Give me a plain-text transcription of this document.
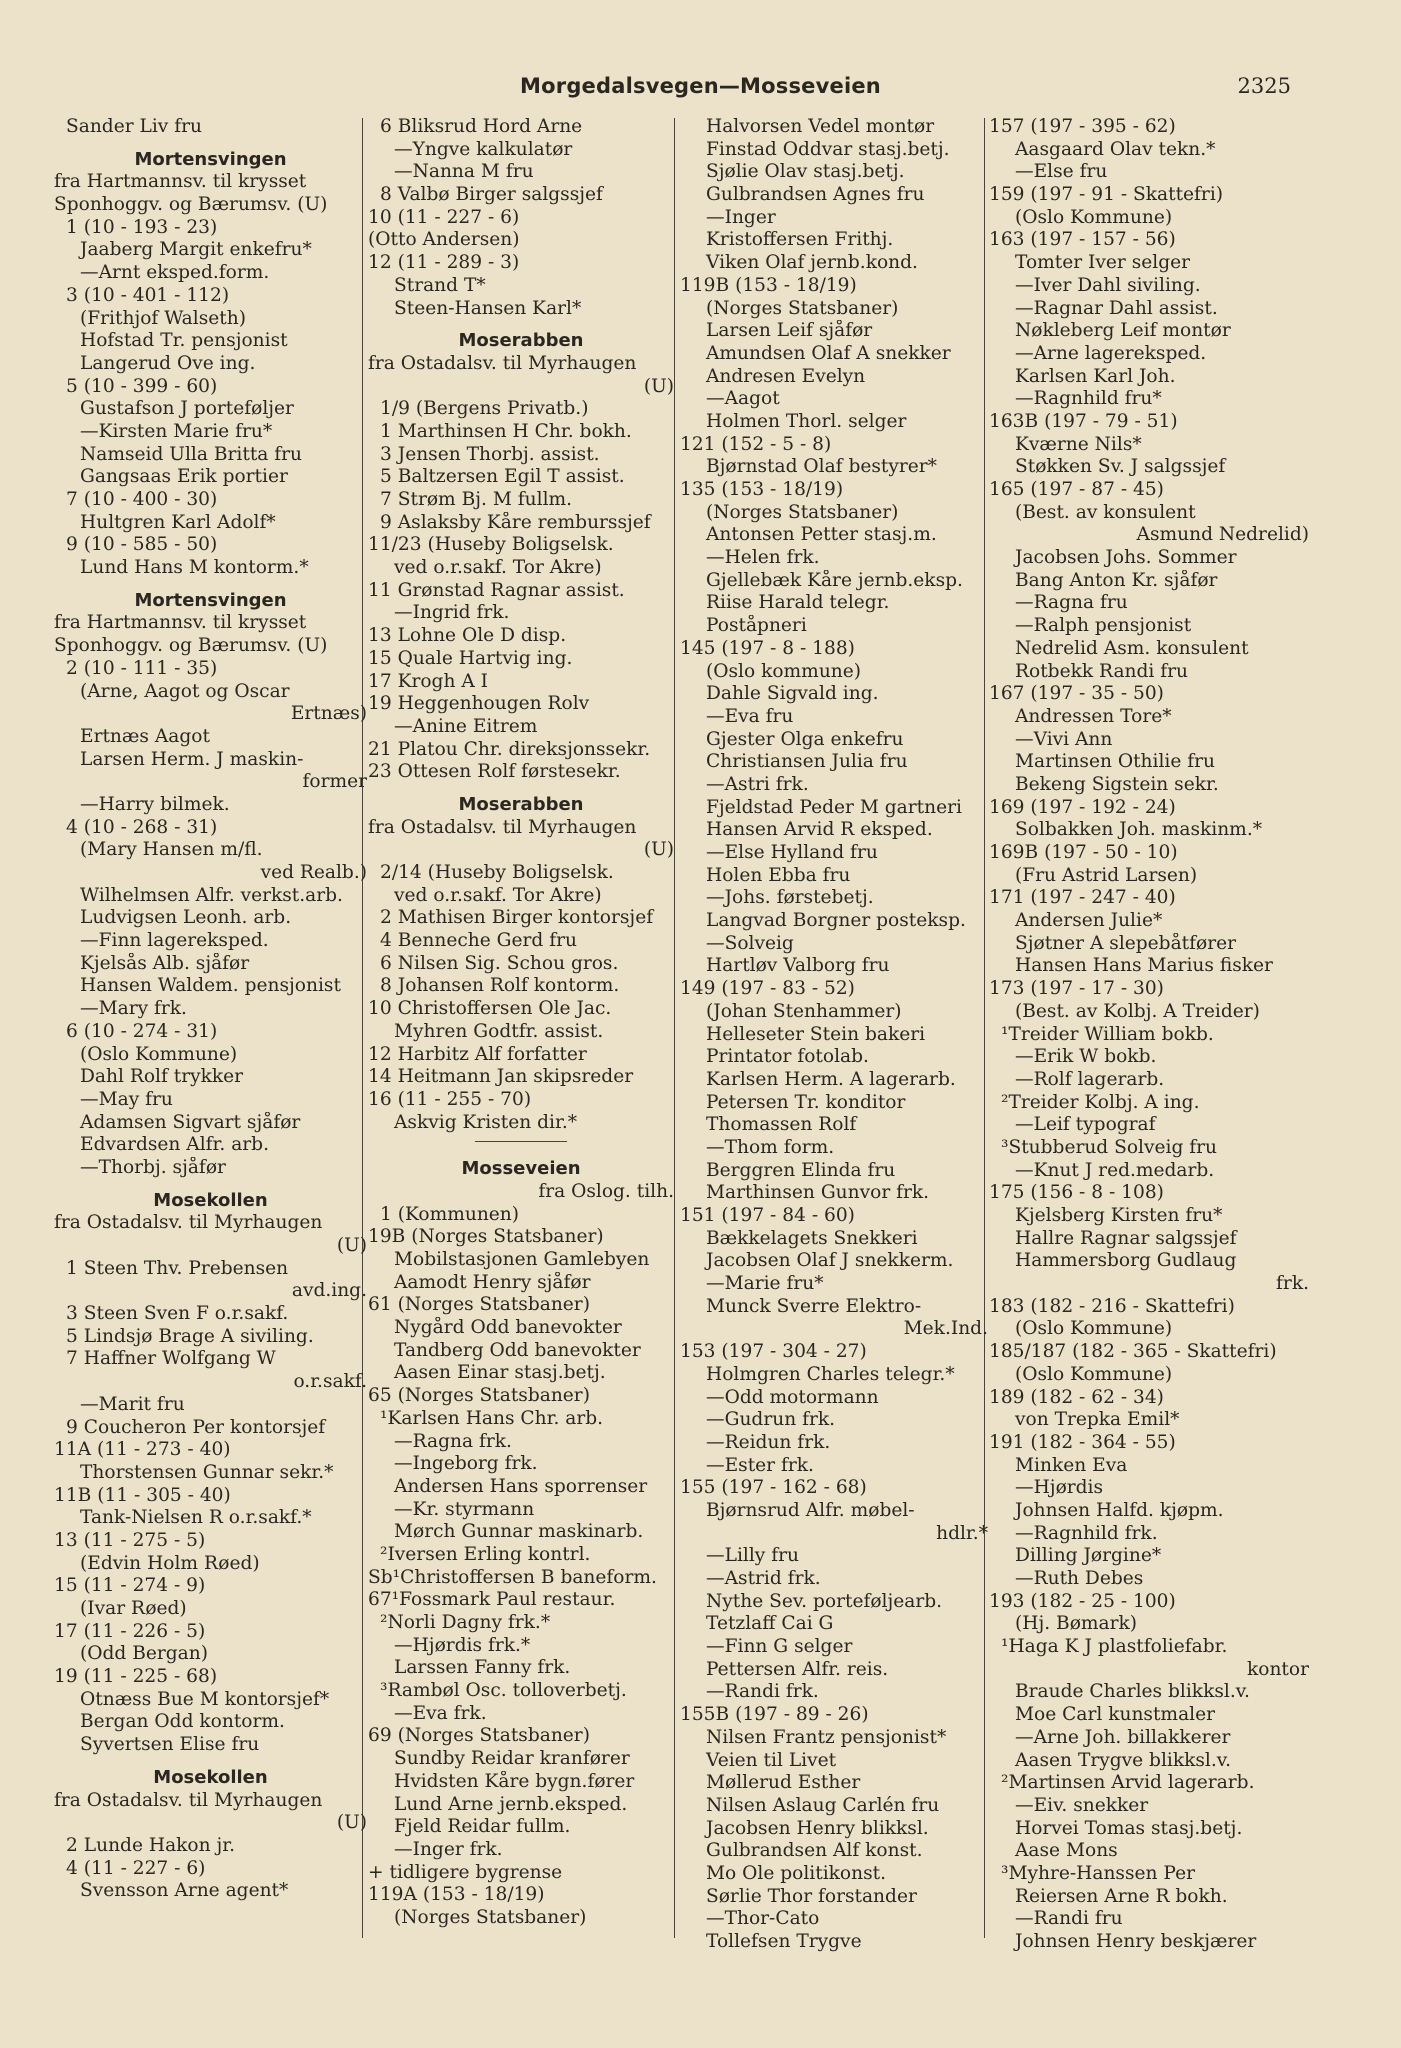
Morgedalsvegen—Mosseveien	2325
Sander Liv fru
Mortensvingen
fra Hartmannsv. til krysset
Sponhoggv. og Bærumsv. (U)
1 (10 - 193 - 23)
Jaaberg Margit enkefru*
—Arnt eksped.form.
3 (10 - 401 - 112)
(Frithjof Walseth)
Hofstad Tr. pensjonist
Langerud Ove ing.
5 (10 - 399 - 60)
Gustafson J porteføljer
—Kirsten Marie fru*
Namseid Ulla Britta fru
Gangsaas Erik portier
7 (10 - 400 - 30)
Hultgren Karl Adolf*
9 (10 - 585 - 50)
Lund Hans M kontorm.*
Mortensvingen
fra Hartmannsv. til krysset
Sponhoggv. og Bærumsv. (U)
2 (10 - 111 - 35)
(Arne, Aagot og Oscar
Ertnæs)
Ertnæs Aagot
Larsen Herm. J maskin-
former
—Harry bilmek.
4 (10 - 268 - 31)
(Mary Hansen m/fl.
ved Realb.)
Wilhelmsen Alfr. verkst.arb.
Ludvigsen Leonh. arb.
—Finn lagereksped.
Kjelsås Alb. sjåfør
Hansen Waldem. pensjonist
—Mary frk.
6 (10 - 274 - 31)
(Oslo Kommune)
Dahl Rolf trykker
—May fru
Adamsen Sigvart sjåfør
Edvardsen Alfr. arb.
—Thorbj. sjåfør
Mosekollen
fra Ostadalsv. til Myrhaugen
(U)
1 Steen Thv. Prebensen
avd.ing.
3 Steen Sven F o.r.sakf.
5 Lindsjø Brage A siviling.
7 Haffner Wolfgang W
o.r.sakf.
—Marit fru
9 Coucheron Per kontorsjef
11A (11 - 273 - 40)
Thorstensen Gunnar sekr.*
11B (11 - 305 - 40)
Tank-Nielsen R o.r.sakf.*
13 (11 - 275 - 5)
(Edvin Holm Røed)
15 (11 - 274 - 9)
(Ivar Røed)
17 (11 - 226 - 5)
(Odd Bergan)
19 (11 - 225 - 68)
Otnæss Bue M kontorsjef*
Bergan Odd kontorm.
Syvertsen Elise fru
Mosekollen
fra Ostadalsv. til Myrhaugen
(U)
2 Lunde Hakon jr.
4 (11 - 227 - 6)
Svensson Arne agent*
6 Bliksrud Hord Arne
—Yngve kalkulatør
—Nanna M fru
8 Valbø Birger salgssjef
10 (11 - 227 - 6)
(Otto Andersen)
12 (11 - 289 - 3)
Strand T*
Steen-Hansen Karl*
Moserabben
fra Ostadalsv. til Myrhaugen
(U)
1/9 (Bergens Privatb.)
1 Marthinsen H Chr. bokh.
3 Jensen Thorbj. assist.
5 Baltzersen Egil T assist.
7 Strøm Bj. M fullm.
9 Aslaksby Kåre remburssjef
11/23 (Huseby Boligselsk.
ved o.r.sakf. Tor Akre)
11 Grønstad Ragnar assist.
—Ingrid frk.
13 Lohne Ole D disp.
15 Quale Hartvig ing.
17 Krogh A I
19 Heggenhougen Rolv
—Anine Eitrem
21 Platou Chr. direksjonssekr.
23 Ottesen Rolf førstesekr.
Moserabben
fra Ostadalsv. til Myrhaugen
(U)
2/14 (Huseby Boligselsk.
ved o.r.sakf. Tor Akre)
2 Mathisen Birger kontorsjef
4 Benneche Gerd fru
6 Nilsen Sig. Schou gros.
8 Johansen Rolf kontorm.
10 Christoffersen Ole Jac.
Myhren Godtfr. assist.
12 Harbitz Alf forfatter
14 Heitmann Jan skipsreder
16 (11 - 255 - 70)
Askvig Kristen dir.*
Mosseveien
fra Oslog. tilh.
1 (Kommunen)
19B (Norges Statsbaner)
Mobilstasjonen Gamlebyen
Aamodt Henry sjåfør
61 (Norges Statsbaner)
Nygård Odd banevokter
Tandberg Odd banevokter
Aasen Einar stasj.betj.
65 (Norges Statsbaner)
¹Karlsen Hans Chr. arb.
—Ragna frk.
—Ingeborg frk.
Andersen Hans sporrenser
—Kr. styrmann
Mørch Gunnar maskinarb.
²Iversen Erling kontrl.
Sb¹Christoffersen B baneform.
67¹Fossmark Paul restaur.
²Norli Dagny frk.*
—Hjørdis frk.*
Larssen Fanny frk.
³Rambøl Osc. tolloverbetj.
—Eva frk.
69 (Norges Statsbaner)
Sundby Reidar kranfører
Hvidsten Kåre bygn.fører
Lund Arne jernb.eksped.
Fjeld Reidar fullm.
—Inger frk.
+ tidligere bygrense
119A (153 - 18/19)
(Norges Statsbaner)
Halvorsen Vedel montør
Finstad Oddvar stasj.betj.
Sjølie Olav stasj.betj.
Gulbrandsen Agnes fru
—Inger
Kristoffersen Frithj.
Viken Olaf jernb.kond.
119B (153 - 18/19)
(Norges Statsbaner)
Larsen Leif sjåfør
Amundsen Olaf A snekker
Andresen Evelyn
—Aagot
Holmen Thorl. selger
121 (152 - 5 - 8)
Bjørnstad Olaf bestyrer*
135 (153 - 18/19)
(Norges Statsbaner)
Antonsen Petter stasj.m.
—Helen frk.
Gjellebæk Kåre jernb.eksp.
Riise Harald telegr.
Poståpneri
145 (197 - 8 - 188)
(Oslo kommune)
Dahle Sigvald ing.
—Eva fru
Gjester Olga enkefru
Christiansen Julia fru
—Astri frk.
Fjeldstad Peder M gartneri
Hansen Arvid R eksped.
—Else Hylland fru
Holen Ebba fru
—Johs. førstebetj.
Langvad Borgner posteksp.
—Solveig
Hartløv Valborg fru
149 (197 - 83 - 52)
(Johan Stenhammer)
Helleseter Stein bakeri
Printator fotolab.
Karlsen Herm. A lagerarb.
Petersen Tr. konditor
Thomassen Rolf
—Thom form.
Berggren Elinda fru
Marthinsen Gunvor frk.
151 (197 - 84 - 60)
Bækkelagets Snekkeri
Jacobsen Olaf J snekkerm.
—Marie fru*
Munck Sverre Elektro-
Mek.Ind.
153 (197 - 304 - 27)
Holmgren Charles telegr.*
—Odd motormann
—Gudrun frk.
—Reidun frk.
—Ester frk.
155 (197 - 162 - 68)
Bjørnsrud Alfr. møbel-
hdlr.*
—Lilly fru
—Astrid frk.
Nythe Sev. porteføljearb.
Tetzlaff Cai G
—Finn G selger
Pettersen Alfr. reis.
—Randi frk.
155B (197 - 89 - 26)
Nilsen Frantz pensjonist*
Veien til Livet
Møllerud Esther
Nilsen Aslaug Carlén fru
Jacobsen Henry blikksl.
Gulbrandsen Alf konst.
Mo Ole politikonst.
Sørlie Thor forstander
—Thor-Cato
Tollefsen Trygve
157 (197 - 395 - 62)
Aasgaard Olav tekn.*
—Else fru
159 (197 - 91 - Skattefri)
(Oslo Kommune)
163 (197 - 157 - 56)
Tomter Iver selger
—Iver Dahl siviling.
—Ragnar Dahl assist.
Nøkleberg Leif montør
—Arne lagereksped.
Karlsen Karl Joh.
—Ragnhild fru*
163B (197 - 79 - 51)
Kværne Nils*
Støkken Sv. J salgssjef
165 (197 - 87 - 45)
(Best. av konsulent
Asmund Nedrelid)
Jacobsen Johs. Sommer
Bang Anton Kr. sjåfør
—Ragna fru
—Ralph pensjonist
Nedrelid Asm. konsulent
Rotbekk Randi fru
167 (197 - 35 - 50)
Andressen Tore*
—Vivi Ann
Martinsen Othilie fru
Bekeng Sigstein sekr.
169 (197 - 192 - 24)
Solbakken Joh. maskinm.*
169B (197 - 50 - 10)
(Fru Astrid Larsen)
171 (197 - 247 - 40)
Andersen Julie*
Sjøtner A slepebåtfører
Hansen Hans Marius fisker
173 (197 - 17 - 30)
(Best. av Kolbj. A Treider)
¹Treider William bokb.
—Erik W bokb.
—Rolf lagerarb.
²Treider Kolbj. A ing.
—Leif typograf
³Stubberud Solveig fru
—Knut J red.medarb.
175 (156 - 8 - 108)
Kjelsberg Kirsten fru*
Hallre Ragnar salgssjef
Hammersborg Gudlaug
frk.
183 (182 - 216 - Skattefri)
(Oslo Kommune)
185/187 (182 - 365 - Skattefri)
(Oslo Kommune)
189 (182 - 62 - 34)
von Trepka Emil*
191 (182 - 364 - 55)
Minken Eva
—Hjørdis
Johnsen Halfd. kjøpm.
—Ragnhild frk.
Dilling Jørgine*
—Ruth Debes
193 (182 - 25 - 100)
(Hj. Bømark)
¹Haga K J plastfoliefabr.
kontor
Braude Charles blikksl.v.
Moe Carl kunstmaler
—Arne Joh. billakkerer
Aasen Trygve blikksl.v.
²Martinsen Arvid lagerarb.
—Eiv. snekker
Horvei Tomas stasj.betj.
Aase Mons
³Myhre-Hanssen Per
Reiersen Arne R bokh.
—Randi fru
Johnsen Henry beskjærer
